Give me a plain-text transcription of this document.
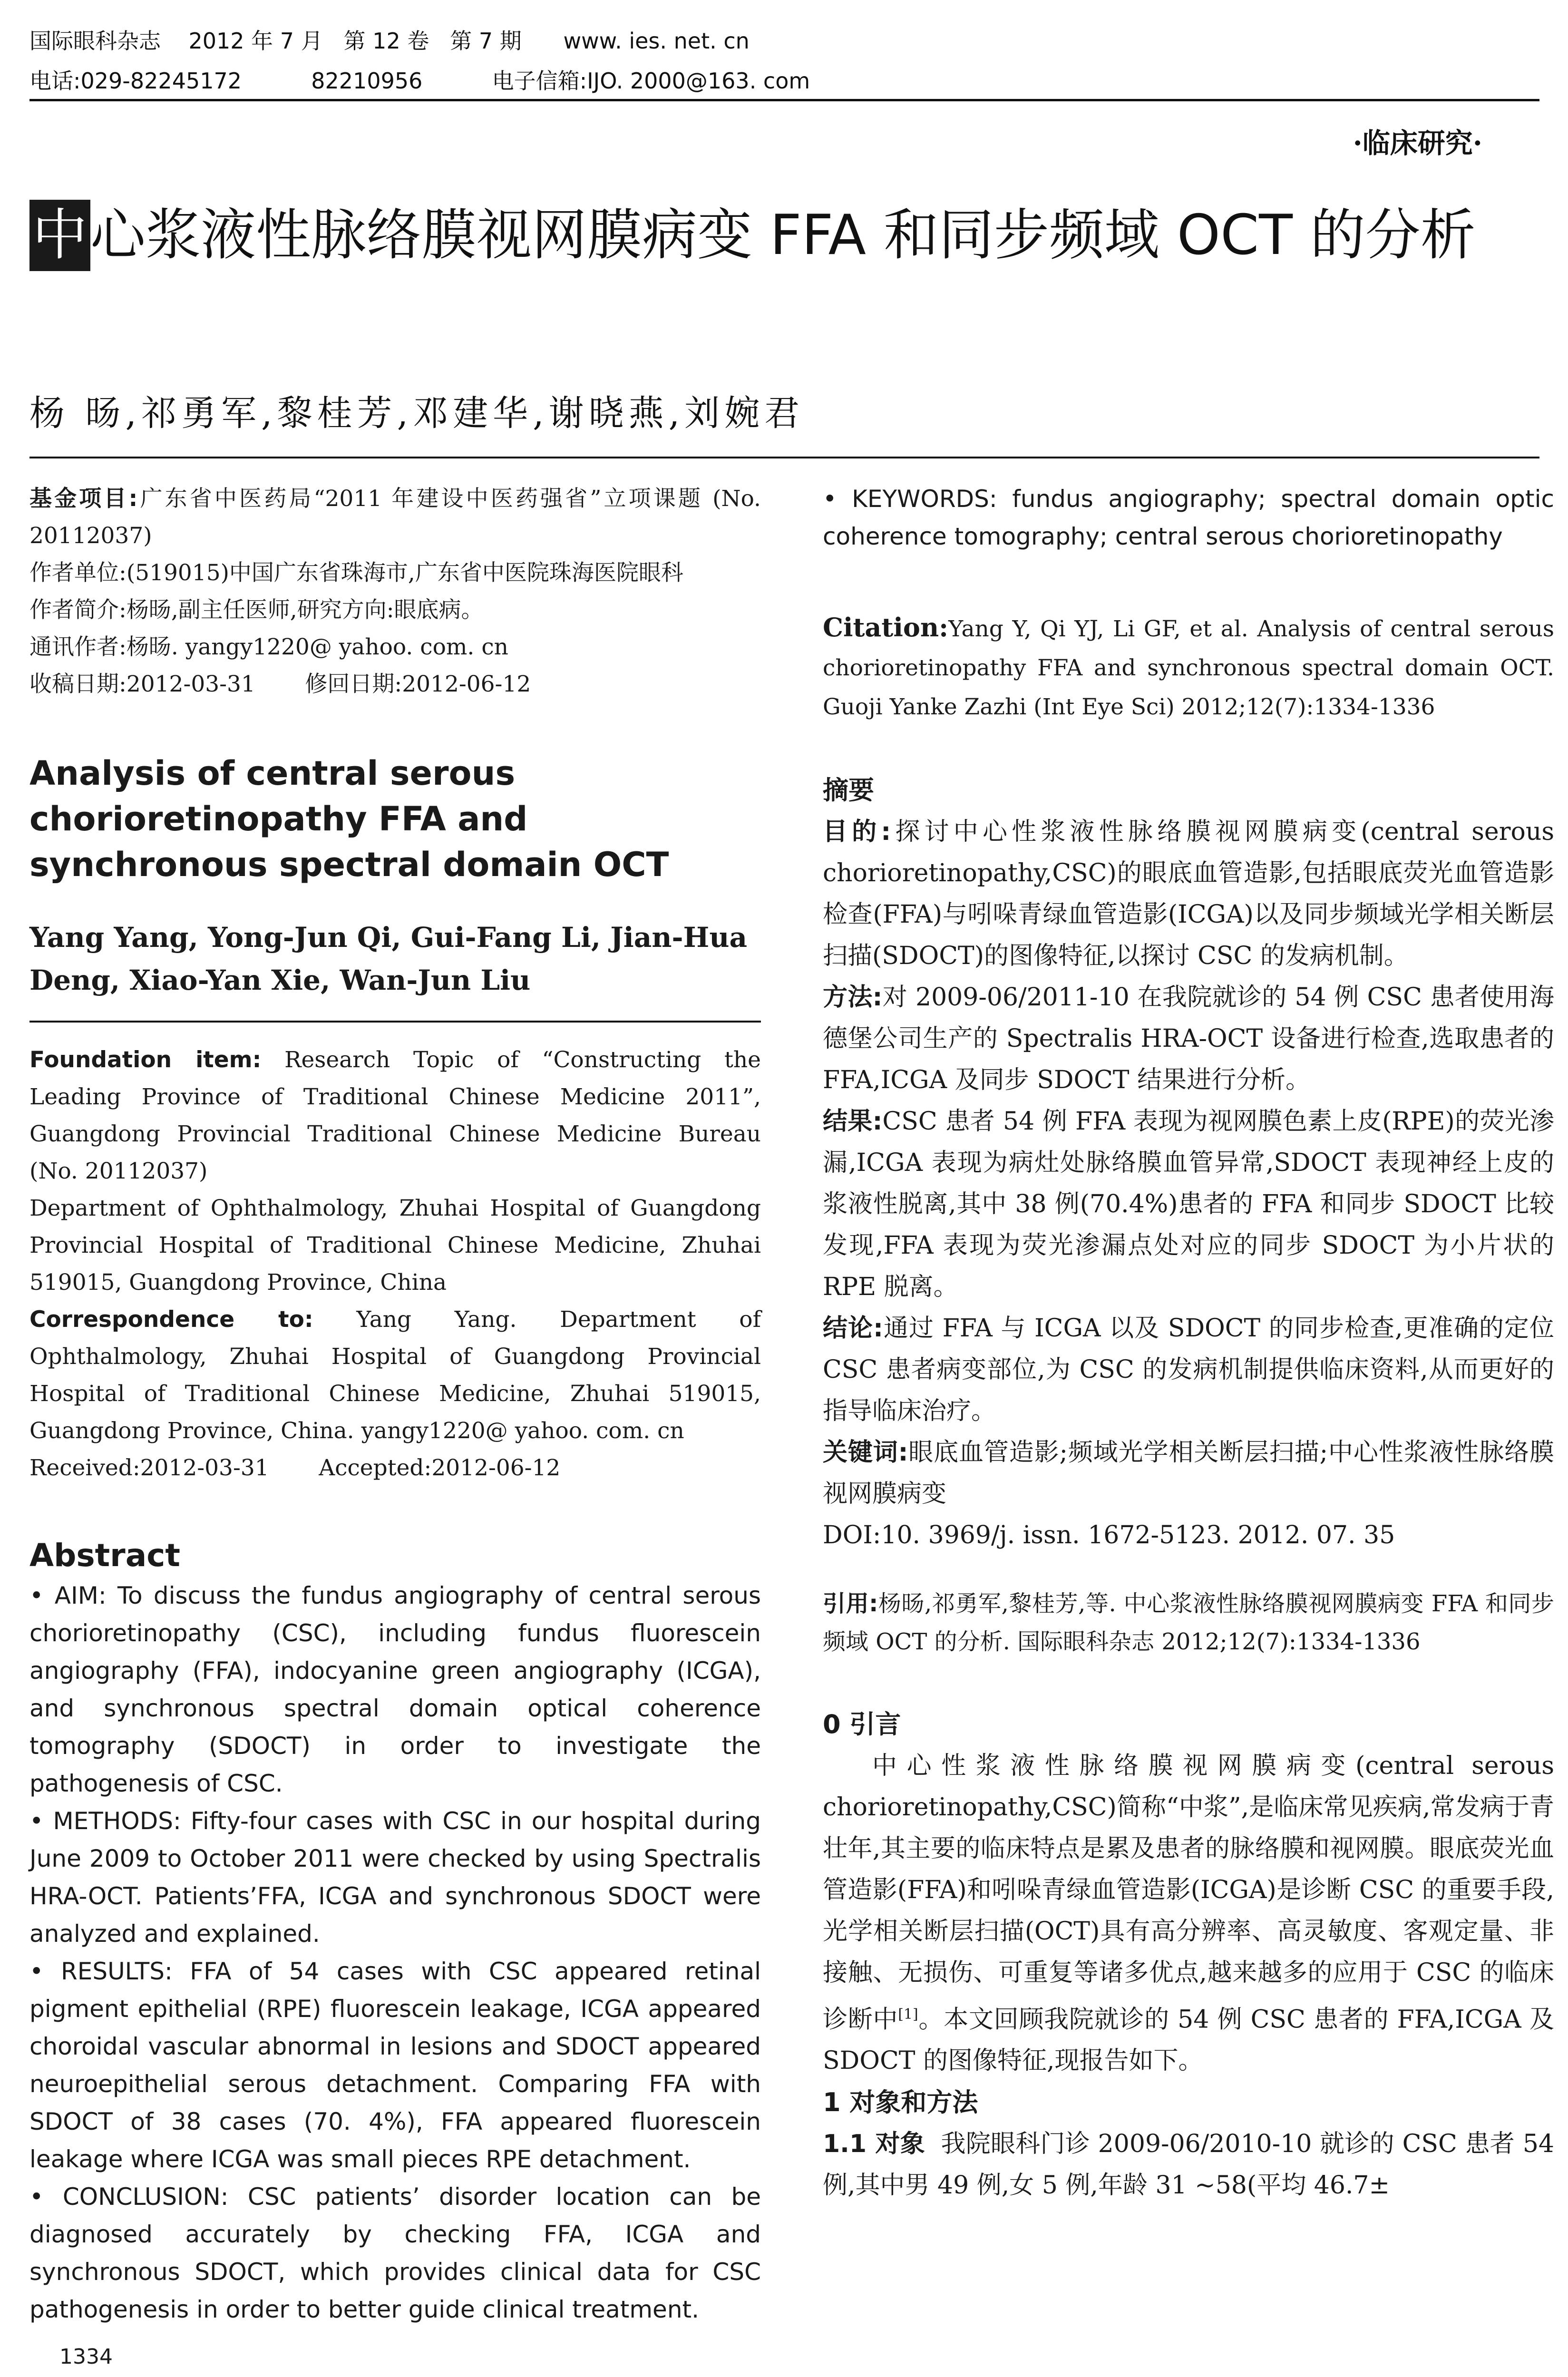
国际眼科杂志    2012 年 7 月   第 12 卷   第 7 期      www. ies. net. cn
电话:029-82245172          82210956          电子信箱:IJO. 2000@163. com
·临床研究·
中心浆液性脉络膜视网膜病变 FFA 和同步频域 OCT 的分析
杨 旸,祁勇军,黎桂芳,邓建华,谢晓燕,刘婉君

基金项目:广东省中医药局“2011 年建设中医药强省”立项课题 (No. 20112037)

作者单位:(519015)中国广东省珠海市,广东省中医院珠海医院眼科

作者简介:杨旸,副主任医师,研究方向:眼底病。

通讯作者:杨旸. yangy1220@ yahoo. com. cn

收稿日期:2012-03-31       修回日期:2012-06-12

Analysis of central serous chorioretinopathy FFA and synchronous spectral domain OCT

Yang Yang, Yong-Jun Qi, Gui-Fang Li, Jian-Hua Deng, Xiao-Yan Xie, Wan-Jun Liu

Foundation item: Research Topic of “Constructing the Leading Province of Traditional Chinese Medicine 2011”, Guangdong Provincial Traditional Chinese Medicine Bureau (No. 20112037)

Department of Ophthalmology, Zhuhai Hospital of Guangdong Provincial Hospital of Traditional Chinese Medicine, Zhuhai 519015, Guangdong Province, China

Correspondence to: Yang Yang. Department of Ophthalmology, Zhuhai Hospital of Guangdong Provincial Hospital of Traditional Chinese Medicine, Zhuhai 519015, Guangdong Province, China. yangy1220@ yahoo. com. cn

Received:2012-03-31       Accepted:2012-06-12

Abstract

• AIM: To discuss the fundus angiography of central serous chorioretinopathy (CSC), including fundus fluorescein angiography (FFA), indocyanine green angiography (ICGA), and synchronous spectral domain optical coherence tomography (SDOCT) in order to investigate the pathogenesis of CSC.

• METHODS: Fifty-four cases with CSC in our hospital during June 2009 to October 2011 were checked by using Spectralis HRA-OCT. Patients’FFA, ICGA and synchronous SDOCT were analyzed and explained.

• RESULTS: FFA of 54 cases with CSC appeared retinal pigment epithelial (RPE) fluorescein leakage, ICGA appeared choroidal vascular abnormal in lesions and SDOCT appeared neuroepithelial serous detachment. Comparing FFA with SDOCT of 38 cases (70. 4%), FFA appeared fluorescein leakage where ICGA was small pieces RPE detachment.

• CONCLUSION: CSC patients’ disorder location can be diagnosed accurately by checking FFA, ICGA and synchronous SDOCT, which provides clinical data for CSC pathogenesis in order to better guide clinical treatment.

• KEYWORDS: fundus angiography; spectral domain optic coherence tomography; central serous chorioretinopathy

Citation:Yang Y, Qi YJ, Li GF, et al. Analysis of central serous chorioretinopathy FFA and synchronous spectral domain OCT. Guoji Yanke Zazhi (Int Eye Sci) 2012;12(7):1334-1336

摘要

目的:探讨中心性浆液性脉络膜视网膜病变(central serous chorioretinopathy,CSC)的眼底血管造影,包括眼底荧光血管造影检查(FFA)与吲哚青绿血管造影(ICGA)以及同步频域光学相关断层扫描(SDOCT)的图像特征,以探讨 CSC 的发病机制。

方法:对 2009-06/2011-10 在我院就诊的 54 例 CSC 患者使用海德堡公司生产的 Spectralis HRA-OCT 设备进行检查,选取患者的 FFA,ICGA 及同步 SDOCT 结果进行分析。

结果:CSC 患者 54 例 FFA 表现为视网膜色素上皮(RPE)的荧光渗漏,ICGA 表现为病灶处脉络膜血管异常,SDOCT 表现神经上皮的浆液性脱离,其中 38 例(70.4%)患者的 FFA 和同步 SDOCT 比较发现,FFA 表现为荧光渗漏点处对应的同步 SDOCT 为小片状的 RPE 脱离。

结论:通过 FFA 与 ICGA 以及 SDOCT 的同步检查,更准确的定位 CSC 患者病变部位,为 CSC 的发病机制提供临床资料,从而更好的指导临床治疗。

关键词:眼底血管造影;频域光学相关断层扫描;中心性浆液性脉络膜视网膜病变

DOI:10. 3969/j. issn. 1672-5123. 2012. 07. 35

引用:杨旸,祁勇军,黎桂芳,等. 中心浆液性脉络膜视网膜病变 FFA 和同步频域 OCT 的分析. 国际眼科杂志 2012;12(7):1334-1336

0 引言

中心性浆液性脉络膜视网膜病变(central serous chorioretinopathy,CSC)简称“中浆”,是临床常见疾病,常发病于青壮年,其主要的临床特点是累及患者的脉络膜和视网膜。眼底荧光血管造影(FFA)和吲哚青绿血管造影(ICGA)是诊断 CSC 的重要手段,光学相关断层扫描(OCT)具有高分辨率、高灵敏度、客观定量、非接触、无损伤、可重复等诸多优点,越来越多的应用于 CSC 的临床诊断中[1]。本文回顾我院就诊的 54 例 CSC 患者的 FFA,ICGA 及 SDOCT 的图像特征,现报告如下。

1 对象和方法

1.1 对象 我院眼科门诊 2009-06/2010-10 就诊的 CSC 患者 54 例,其中男 49 例,女 5 例,年龄 31 ~58(平均 46.7±

1334
